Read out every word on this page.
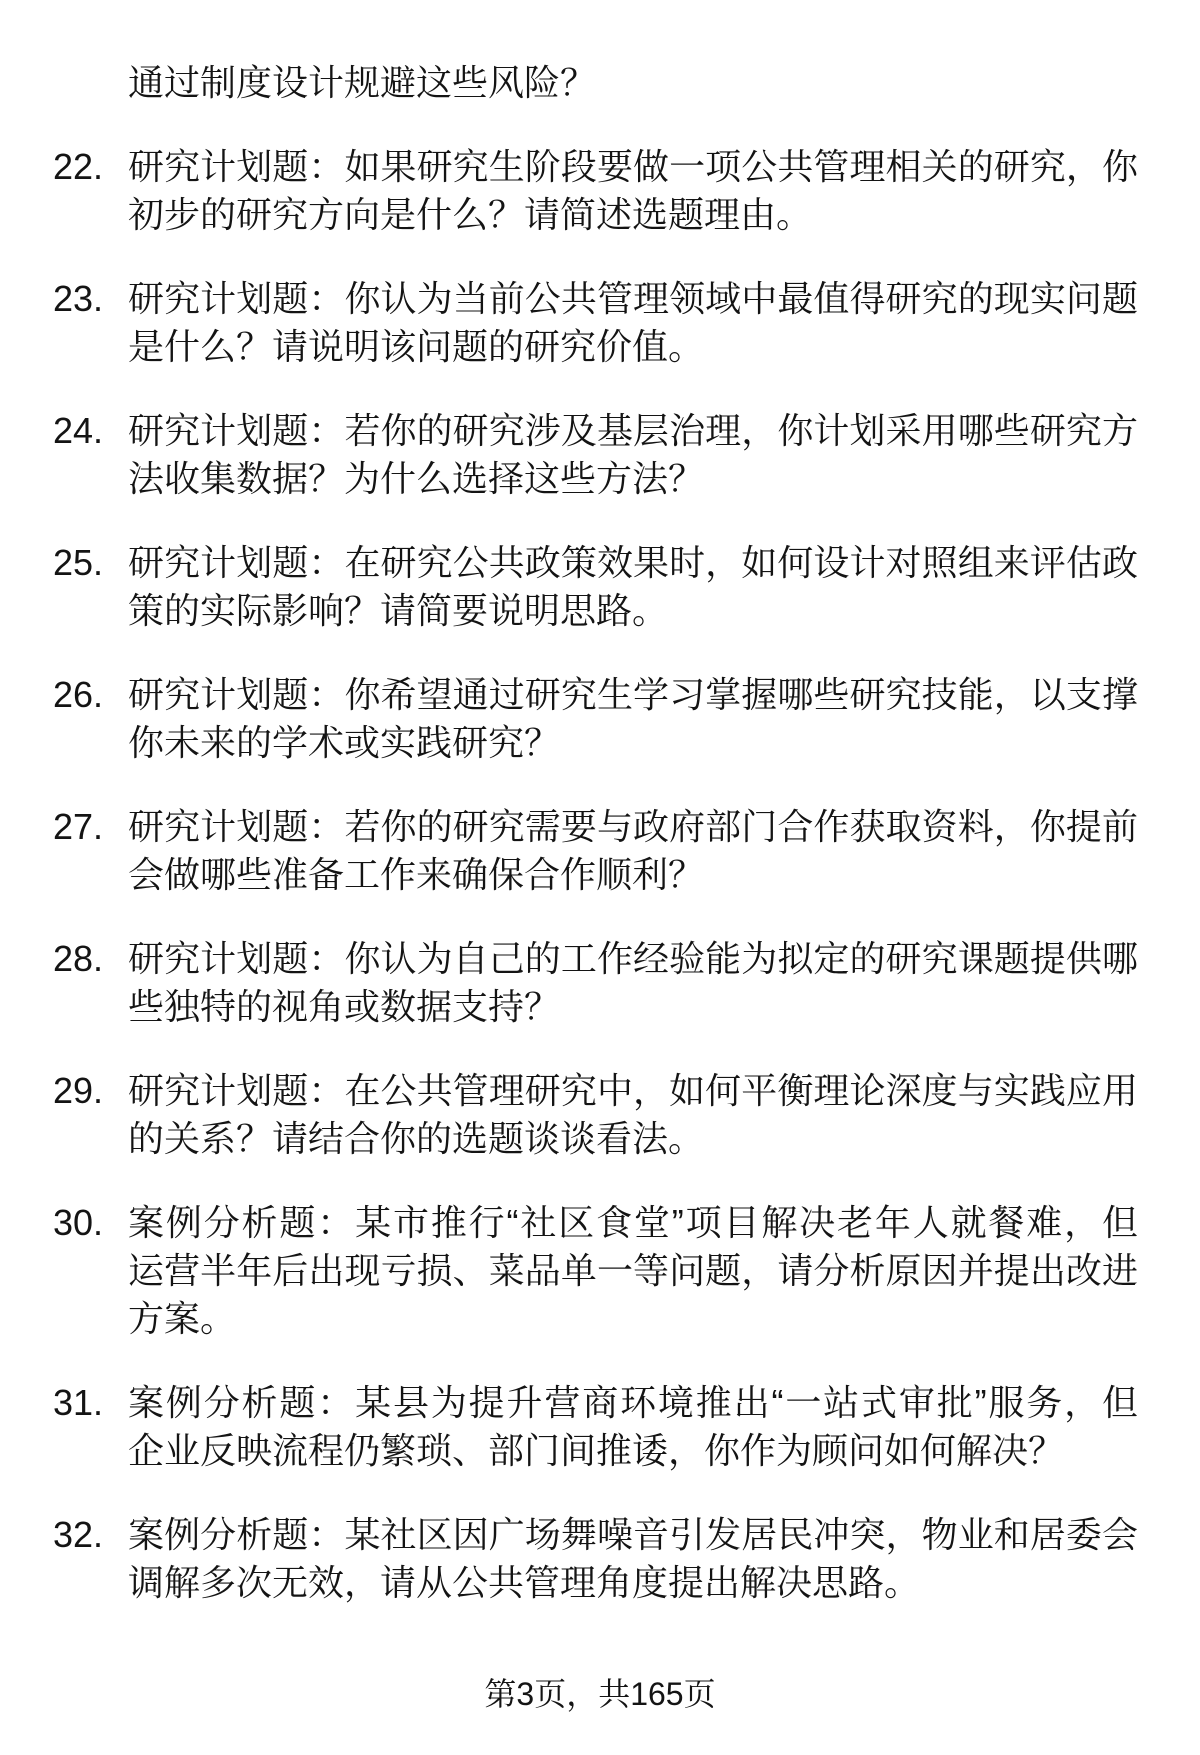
通过制度设计规避这些风险？
22. 研究计划题：如果研究生阶段要做一项公共管理相关的研究，你
初步的研究方向是什么？请简述选题理由。
23. 研究计划题：你认为当前公共管理领域中最值得研究的现实问题
是什么？请说明该问题的研究价值。
24. 研究计划题：若你的研究涉及基层治理，你计划采用哪些研究方
法收集数据？为什么选择这些方法？
25. 研究计划题：在研究公共政策效果时，如何设计对照组来评估政
策的实际影响？请简要说明思路。
26. 研究计划题：你希望通过研究生学习掌握哪些研究技能，以支撑
你未来的学术或实践研究？
27. 研究计划题：若你的研究需要与政府部门合作获取资料，你提前
会做哪些准备工作来确保合作顺利？
28. 研究计划题：你认为自己的工作经验能为拟定的研究课题提供哪
些独特的视角或数据支持？
29. 研究计划题：在公共管理研究中，如何平衡理论深度与实践应用
的关系？请结合你的选题谈谈看法。
30. 案例分析题：某市推行“社区食堂”项目解决老年人就餐难，但
运营半年后出现亏损、菜品单一等问题，请分析原因并提出改进
方案。
31. 案例分析题：某县为提升营商环境推出“一站式审批”服务，但
企业反映流程仍繁琐、部门间推诿，你作为顾问如何解决？
32. 案例分析题：某社区因广场舞噪音引发居民冲突，物业和居委会
调解多次无效，请从公共管理角度提出解决思路。
第3页，共165页
